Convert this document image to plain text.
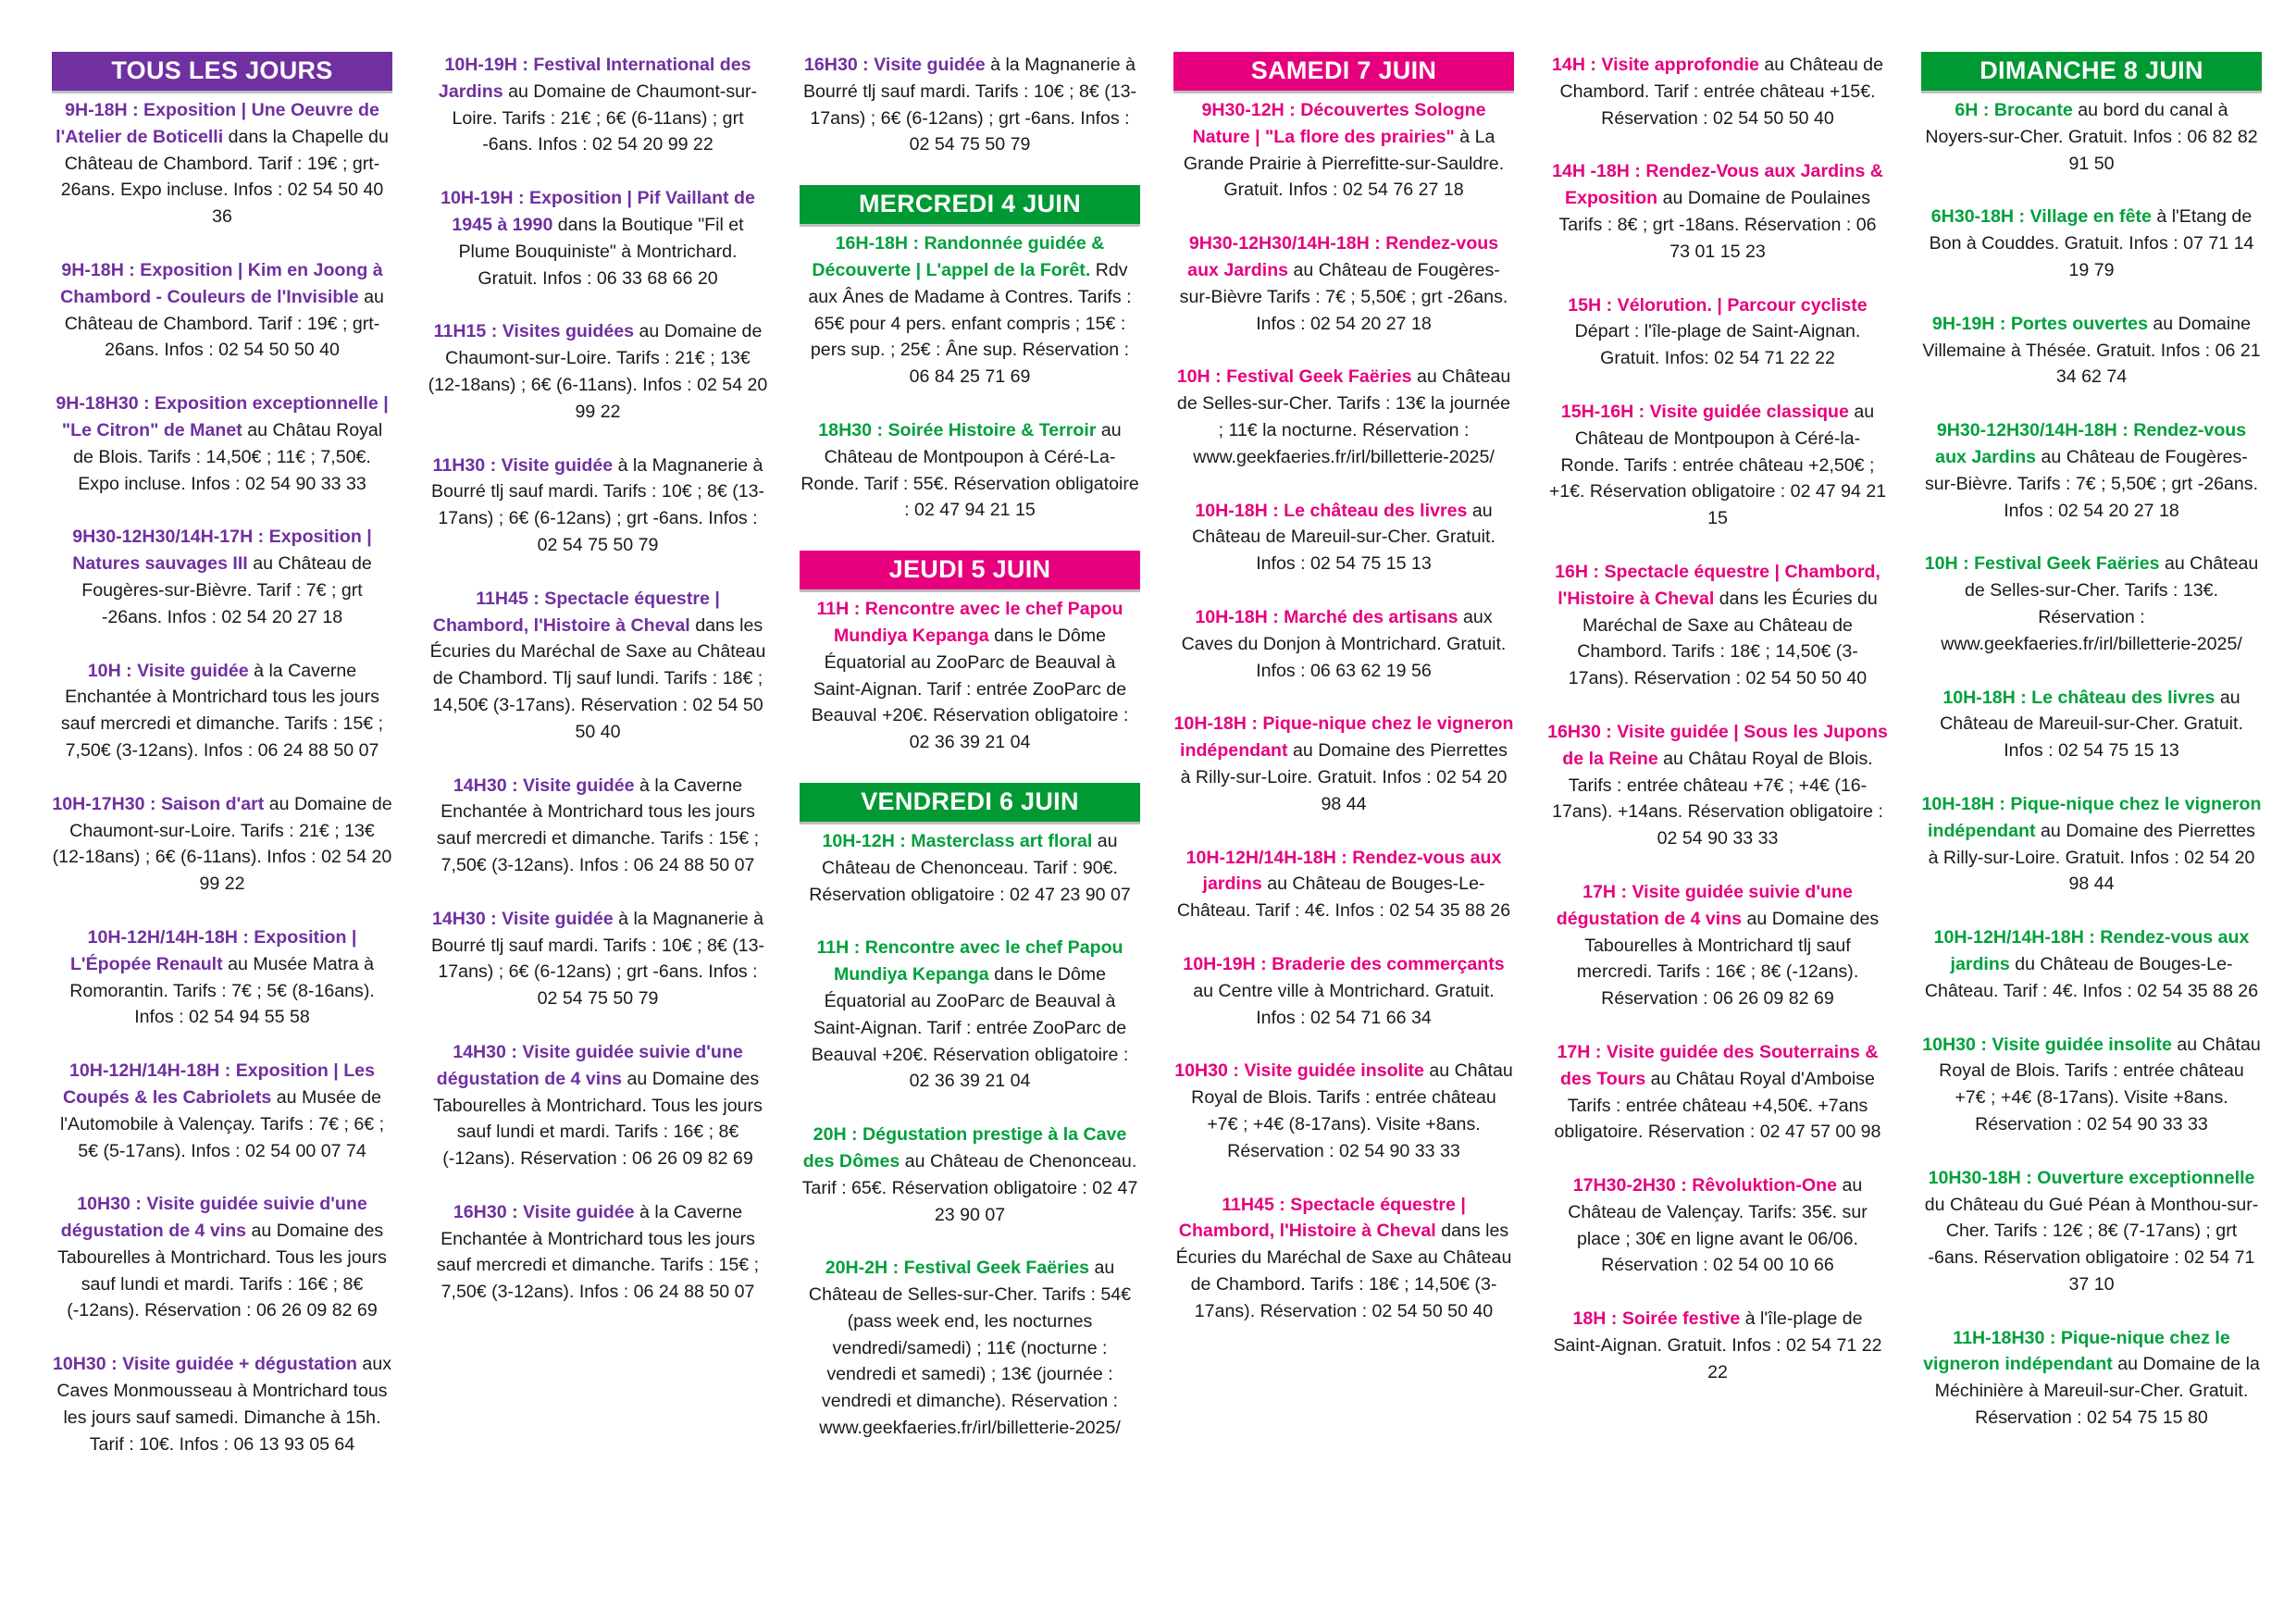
TOUS LES JOURS
9H-18H : Exposition | Une Oeuvre de l'Atelier de Boticelli dans la Chapelle du Château de Chambord. Tarif : 19€ ; grt-26ans. Expo incluse. Infos : 02 54 50 40 36
9H-18H : Exposition | Kim en Joong à Chambord - Couleurs de l'Invisible au Château de Chambord. Tarif : 19€ ; grt-26ans. Infos : 02 54 50 50 40
9H-18H30 : Exposition exceptionnelle | "Le Citron" de Manet au Châtau Royal de Blois. Tarifs : 14,50€ ; 11€ ; 7,50€. Expo incluse. Infos : 02 54 90 33 33
9H30-12H30/14H-17H : Exposition | Natures sauvages III au Château de Fougères-sur-Bièvre. Tarif : 7€ ; grt -26ans. Infos : 02 54 20 27 18
10H : Visite guidée à la Caverne Enchantée à Montrichard tous les jours sauf mercredi et dimanche. Tarifs : 15€ ; 7,50€ (3-12ans). Infos : 06 24 88 50 07
10H-17H30 : Saison d'art au Domaine de Chaumont-sur-Loire. Tarifs : 21€ ; 13€ (12-18ans) ; 6€ (6-11ans). Infos : 02 54 20 99 22
10H-12H/14H-18H : Exposition | L'Épopée Renault au Musée Matra à Romorantin. Tarifs : 7€ ; 5€ (8-16ans). Infos : 02 54 94 55 58
10H-12H/14H-18H : Exposition | Les Coupés & les Cabriolets au Musée de l'Automobile à Valençay. Tarifs : 7€ ; 6€ ; 5€ (5-17ans). Infos : 02 54 00 07 74
10H30 : Visite guidée suivie d'une dégustation de 4 vins au Domaine des Tabourelles à Montrichard. Tous les jours sauf lundi et mardi. Tarifs : 16€ ; 8€ (-12ans). Réservation : 06 26 09 82 69
10H30 : Visite guidée + dégustation aux Caves Monmousseau à Montrichard tous les jours sauf samedi. Dimanche à 15h. Tarif : 10€. Infos : 06 13 93 05 64
10H-19H : Festival International des Jardins au Domaine de Chaumont-sur-Loire. Tarifs : 21€ ; 6€ (6-11ans) ; grt -6ans. Infos : 02 54 20 99 22
10H-19H : Exposition | Pif Vaillant de 1945 à 1990 dans la Boutique "Fil et Plume Bouquiniste" à Montrichard. Gratuit. Infos : 06 33 68 66 20
11H15 : Visites guidées au Domaine de Chaumont-sur-Loire. Tarifs : 21€ ; 13€ (12-18ans) ; 6€ (6-11ans). Infos : 02 54 20 99 22
11H30 : Visite guidée à la Magnanerie à Bourré tlj sauf mardi. Tarifs : 10€ ; 8€ (13-17ans) ; 6€ (6-12ans) ; grt -6ans. Infos : 02 54 75 50 79
11H45 : Spectacle équestre | Chambord, l'Histoire à Cheval dans les Écuries du Maréchal de Saxe au Château de Chambord. Tlj sauf lundi. Tarifs : 18€ ; 14,50€ (3-17ans). Réservation : 02 54 50 50 40
14H30 : Visite guidée à la Caverne Enchantée à Montrichard tous les jours sauf mercredi et dimanche. Tarifs : 15€ ; 7,50€ (3-12ans). Infos : 06 24 88 50 07
14H30 : Visite guidée à la Magnanerie à Bourré tlj sauf mardi. Tarifs : 10€ ; 8€ (13-17ans) ; 6€ (6-12ans) ; grt -6ans. Infos : 02 54 75 50 79
14H30 : Visite guidée suivie d'une dégustation de 4 vins au Domaine des Tabourelles à Montrichard. Tous les jours sauf lundi et mardi. Tarifs : 16€ ; 8€ (-12ans). Réservation : 06 26 09 82 69
16H30 : Visite guidée à la Caverne Enchantée à Montrichard tous les jours sauf mercredi et dimanche. Tarifs : 15€ ; 7,50€ (3-12ans). Infos : 06 24 88 50 07
16H30 : Visite guidée à la Magnanerie à Bourré tlj sauf mardi. Tarifs : 10€ ; 8€ (13-17ans) ; 6€ (6-12ans) ; grt -6ans. Infos : 02 54 75 50 79
MERCREDI 4 JUIN
16H-18H : Randonnée guidée & Découverte | L'appel de la Forêt. Rdv aux Ânes de Madame à Contres. Tarifs : 65€ pour 4 pers. enfant compris ; 15€ : pers sup. ; 25€ : Âne sup. Réservation : 06 84 25 71 69
18H30 : Soirée Histoire & Terroir au Château de Montpoupon à Céré-La- Ronde. Tarif : 55€. Réservation obligatoire : 02 47 94 21 15
JEUDI 5 JUIN
11H : Rencontre avec le chef Papou Mundiya Kepanga dans le Dôme Équatorial au ZooParc de Beauval à Saint-Aignan. Tarif : entrée ZooParc de Beauval +20€. Réservation obligatoire : 02 36 39 21 04
VENDREDI 6 JUIN
10H-12H : Masterclass art floral au Château de Chenonceau. Tarif : 90€. Réservation obligatoire : 02 47 23 90 07
11H : Rencontre avec le chef Papou Mundiya Kepanga dans le Dôme Équatorial au ZooParc de Beauval à Saint-Aignan. Tarif : entrée ZooParc de Beauval +20€. Réservation obligatoire : 02 36 39 21 04
20H : Dégustation prestige à la Cave des Dômes au Château de Chenonceau. Tarif : 65€. Réservation obligatoire : 02 47 23 90 07
20H-2H : Festival Geek Faëries au Château de Selles-sur-Cher. Tarifs : 54€ (pass week end, les nocturnes vendredi/samedi) ; 11€ (nocturne : vendredi et samedi) ; 13€ (journée : vendredi et dimanche). Réservation : www.geekfaeries.fr/irl/billetterie-2025/
SAMEDI 7 JUIN
9H30-12H : Découvertes Sologne Nature | "La flore des prairies" à La Grande Prairie à Pierrefitte-sur-Sauldre. Gratuit. Infos : 02 54 76 27 18
9H30-12H30/14H-18H : Rendez-vous aux Jardins au Château de Fougères-sur-Bièvre Tarifs : 7€ ; 5,50€ ; grt -26ans. Infos : 02 54 20 27 18
10H : Festival Geek Faëries au Château de Selles-sur-Cher. Tarifs : 13€ la journée ; 11€ la nocturne. Réservation : www.geekfaeries.fr/irl/billetterie-2025/
10H-18H : Le château des livres au Château de Mareuil-sur-Cher. Gratuit. Infos : 02 54 75 15 13
10H-18H : Marché des artisans aux Caves du Donjon à Montrichard. Gratuit. Infos : 06 63 62 19 56
10H-18H : Pique-nique chez le vigneron indépendant au Domaine des Pierrettes à Rilly-sur-Loire. Gratuit. Infos : 02 54 20 98 44
10H-12H/14H-18H : Rendez-vous aux jardins au Château de Bouges-Le-Château. Tarif : 4€. Infos : 02 54 35 88 26
10H-19H : Braderie des commerçants au Centre ville à Montrichard. Gratuit. Infos : 02 54 71 66 34
10H30 : Visite guidée insolite au Châtau Royal de Blois. Tarifs : entrée château +7€ ; +4€ (8-17ans). Visite +8ans. Réservation : 02 54 90 33 33
11H45 : Spectacle équestre | Chambord, l'Histoire à Cheval dans les Écuries du Maréchal de Saxe au Château de Chambord. Tarifs : 18€ ; 14,50€ (3-17ans). Réservation : 02 54 50 50 40
14H : Visite approfondie au Château de Chambord. Tarif : entrée château +15€. Réservation : 02 54 50 50 40
14H -18H : Rendez-Vous aux Jardins & Exposition au Domaine de Poulaines Tarifs : 8€ ; grt -18ans. Réservation : 06 73 01 15 23
15H : Vélorution. | Parcour cycliste Départ : l'île-plage de Saint-Aignan. Gratuit. Infos: 02 54 71 22 22
15H-16H : Visite guidée classique au Château de Montpoupon à Céré-la-Ronde. Tarifs : entrée château +2,50€ ; +1€. Réservation obligatoire : 02 47 94 21 15
16H : Spectacle équestre | Chambord, l'Histoire à Cheval dans les Écuries du Maréchal de Saxe au Château de Chambord. Tarifs : 18€ ; 14,50€ (3-17ans). Réservation : 02 54 50 50 40
16H30 : Visite guidée | Sous les Jupons de la Reine au Châtau Royal de Blois. Tarifs : entrée château +7€ ; +4€ (16-17ans). +14ans. Réservation obligatoire : 02 54 90 33 33
17H : Visite guidée suivie d'une dégustation de 4 vins au Domaine des Tabourelles à Montrichard tlj sauf mercredi. Tarifs : 16€ ; 8€ (-12ans). Réservation : 06 26 09 82 69
17H : Visite guidée des Souterrains & des Tours au Châtau Royal d'Amboise Tarifs : entrée château +4,50€. +7ans obligatoire. Réservation : 02 47 57 00 98
17H30-2H30 : Rêvoluktion-One au Château de Valençay. Tarifs: 35€. sur place ; 30€ en ligne avant le 06/06. Réservation : 02 54 00 10 66
18H : Soirée festive à l'île-plage de Saint-Aignan. Gratuit. Infos : 02 54 71 22 22
DIMANCHE 8 JUIN
6H : Brocante au bord du canal à Noyers-sur-Cher. Gratuit. Infos : 06 82 82 91 50
6H30-18H : Village en fête à l'Etang de Bon à Couddes. Gratuit. Infos : 07 71 14 19 79
9H-19H : Portes ouvertes au Domaine Villemaine à Thésée. Gratuit. Infos : 06 21 34 62 74
9H30-12H30/14H-18H : Rendez-vous aux Jardins au Château de Fougères-sur-Bièvre. Tarifs : 7€ ; 5,50€ ; grt -26ans. Infos : 02 54 20 27 18
10H : Festival Geek Faëries au Château de Selles-sur-Cher. Tarifs : 13€. Réservation : www.geekfaeries.fr/irl/billetterie-2025/
10H-18H : Le château des livres au Château de Mareuil-sur-Cher. Gratuit. Infos : 02 54 75 15 13
10H-18H : Pique-nique chez le vigneron indépendant au Domaine des Pierrettes à Rilly-sur-Loire. Gratuit. Infos : 02 54 20 98 44
10H-12H/14H-18H : Rendez-vous aux jardins du Château de Bouges-Le-Château. Tarif : 4€. Infos : 02 54 35 88 26
10H30 : Visite guidée insolite au Châtau Royal de Blois. Tarifs : entrée château +7€ ; +4€ (8-17ans). Visite +8ans. Réservation : 02 54 90 33 33
10H30-18H : Ouverture exceptionnelle du Château du Gué Péan à Monthou-sur-Cher. Tarifs : 12€ ; 8€ (7-17ans) ; grt -6ans. Réservation obligatoire : 02 54 71 37 10
11H-18H30 : Pique-nique chez le vigneron indépendant au Domaine de la Méchinière à Mareuil-sur-Cher. Gratuit. Réservation : 02 54 75 15 80
